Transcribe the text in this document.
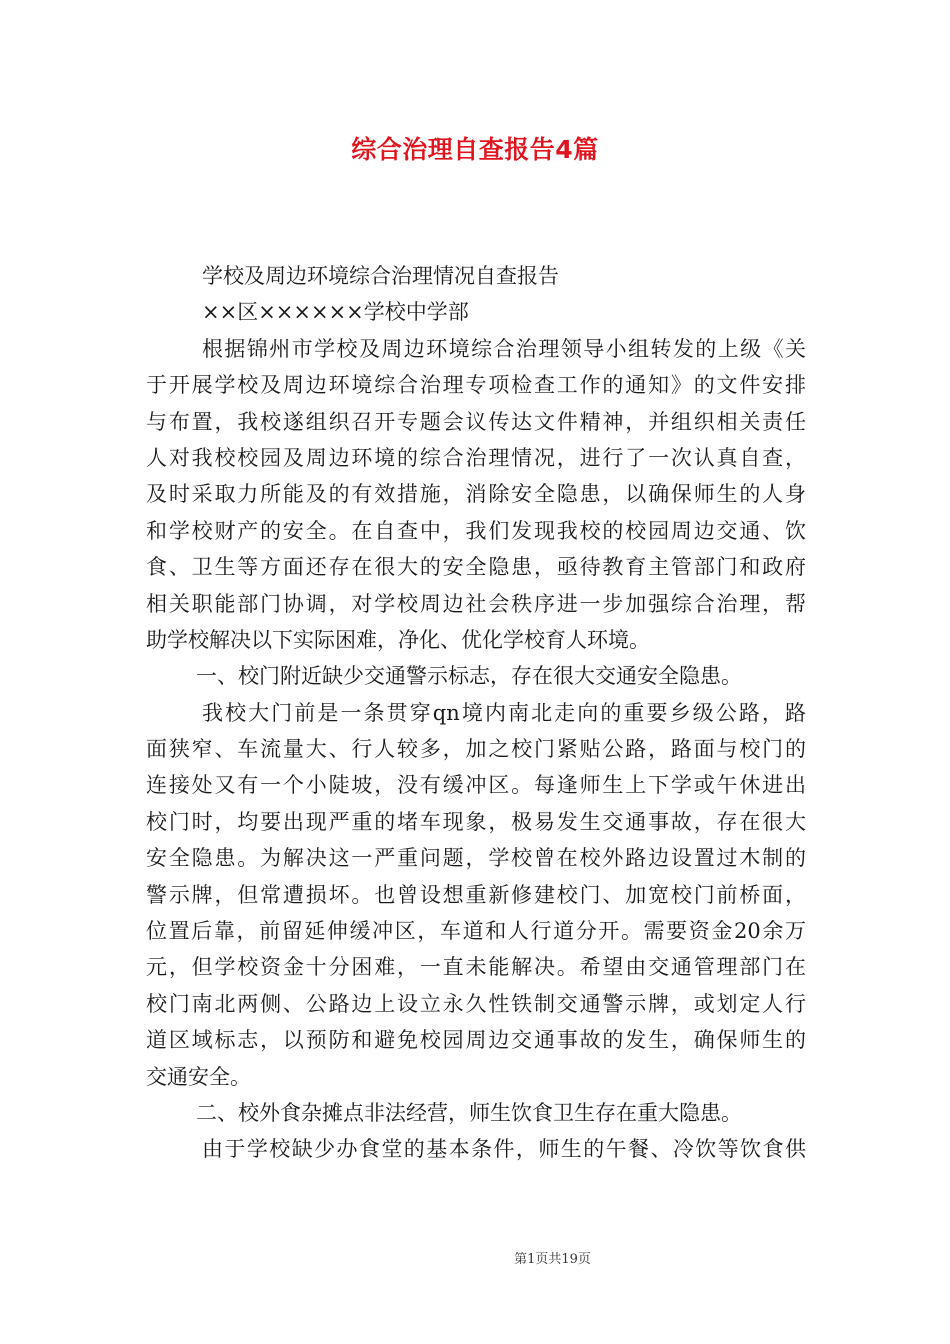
综合治理自查报告4篇
学校及周边环境综合治理情况自查报告
××区××××××学校中学部
根据锦州市学校及周边环境综合治理领导小组转发的上级《关
于开展学校及周边环境综合治理专项检查工作的通知》的文件安排
与布置，我校遂组织召开专题会议传达文件精神，并组织相关责任
人对我校校园及周边环境的综合治理情况，进行了一次认真自查，
及时采取力所能及的有效措施，消除安全隐患，以确保师生的人身
和学校财产的安全。在自查中，我们发现我校的校园周边交通、饮
食、卫生等方面还存在很大的安全隐患，亟待教育主管部门和政府
相关职能部门协调，对学校周边社会秩序进一步加强综合治理，帮
助学校解决以下实际困难，净化、优化学校育人环境。
一、校门附近缺少交通警示标志，存在很大交通安全隐患。
我校大门前是一条贯穿qn境内南北走向的重要乡级公路，路
面狭窄、车流量大、行人较多，加之校门紧贴公路，路面与校门的
连接处又有一个小陡坡，没有缓冲区。每逢师生上下学或午休进出
校门时，均要出现严重的堵车现象，极易发生交通事故，存在很大
安全隐患。为解决这一严重问题，学校曾在校外路边设置过木制的
警示牌，但常遭损坏。也曾设想重新修建校门、加宽校门前桥面，
位置后靠，前留延伸缓冲区，车道和人行道分开。需要资金20余万
元，但学校资金十分困难，一直未能解决。希望由交通管理部门在
校门南北两侧、公路边上设立永久性铁制交通警示牌，或划定人行
道区域标志，以预防和避免校园周边交通事故的发生，确保师生的
交通安全。
二、校外食杂摊点非法经营，师生饮食卫生存在重大隐患。
由于学校缺少办食堂的基本条件，师生的午餐、冷饮等饮食供
第1页共19页
